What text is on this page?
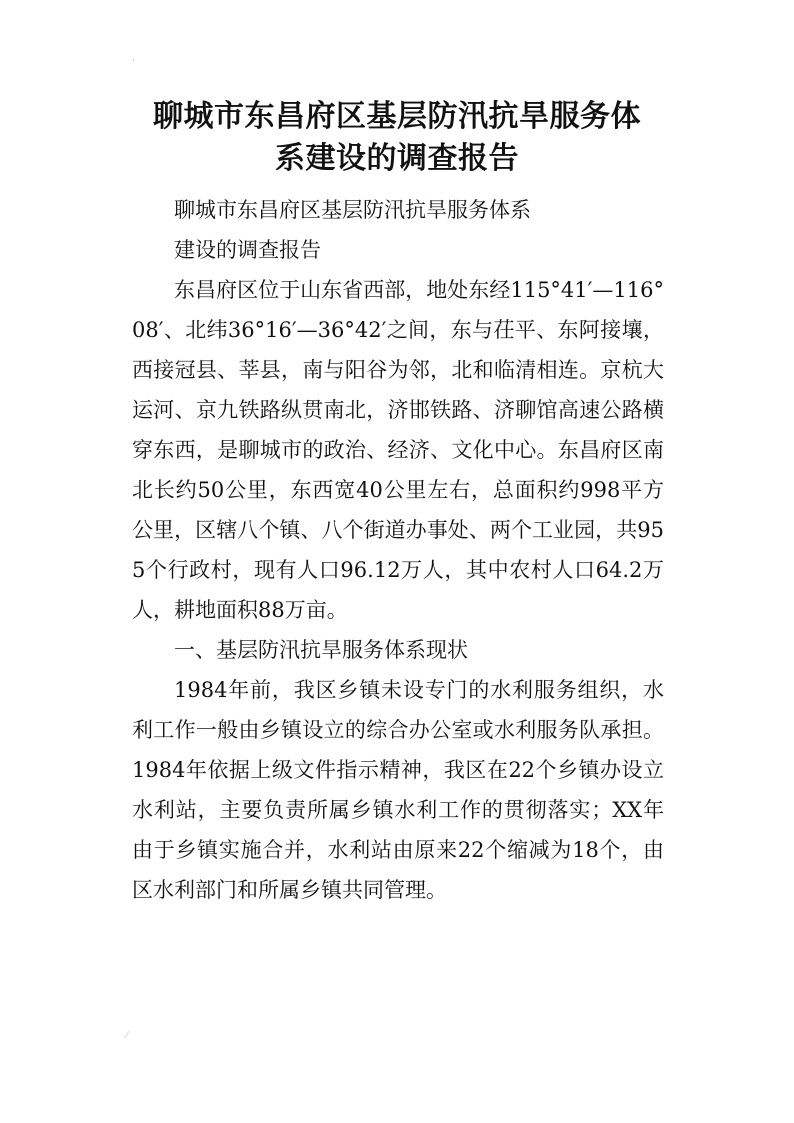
'
聊城市东昌府区基层防汛抗旱服务体
系建设的调查报告

聊城市东昌府区基层防汛抗旱服务体系

建设的调查报告

东昌府区位于山东省西部，地处东经115°41′—116°08′、北纬36°16′—36°42′之间，东与茌平、东阿接壤，西接冠县、莘县，南与阳谷为邻，北和临清相连。京杭大运河、京九铁路纵贯南北，济邯铁路、济聊馆高速公路横穿东西，是聊城市的政治、经济、文化中心。东昌府区南北长约50公里，东西宽40公里左右，总面积约998平方公里，区辖八个镇、八个街道办事处、两个工业园，共955个行政村，现有人口96.12万人，其中农村人口64.2万人，耕地面积88万亩。

一、基层防汛抗旱服务体系现状

1984年前，我区乡镇未设专门的水利服务组织，水利工作一般由乡镇设立的综合办公室或水利服务队承担。1984年依据上级文件指示精神，我区在22个乡镇办设立水利站，主要负责所属乡镇水利工作的贯彻落实；XX年由于乡镇实施合并，水利站由原来22个缩减为18个，由区水利部门和所属乡镇共同管理。

⁄
